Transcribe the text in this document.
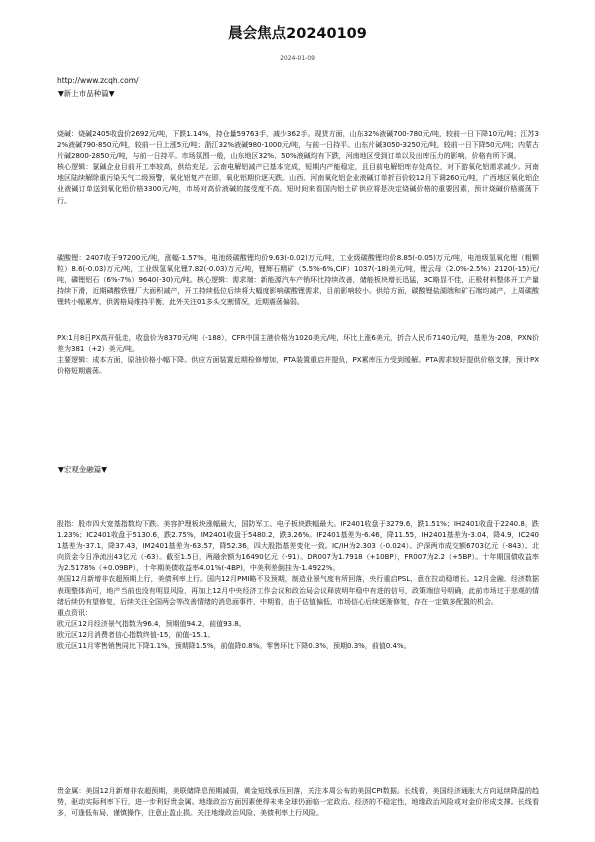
晨会焦点20240109
2024-01-09
http://www.zcqh.com/
▼新上市品种篇▼

烧碱：烧碱2405收盘价2692元/吨，下跌1.14%，持仓量59763手，减少362手。现货方面，山东32%液碱700-780元/吨，较前一日下降10元/吨；江苏32%液碱790-850元/吨，较前一日上涨5元/吨；浙江32%液碱980-1000元/吨，与前一日持平。山东片碱3050-3250元/吨，较前一日下降50元/吨；内蒙古片碱2800-2850元/吨，与前一日持平。市场氛围一般，山东地区32%、50%液碱均有下跌，河南地区受到订单以及出库压力的影响，价格有所下调。

核心逻辑：氯碱企业目前开工率较高，供给充足。云南电解铝减产已基本完成，短期内产能稳定，且目前电解铝库存处高位，对下游氧化铝需求减少。河南地区陆续解除重污染天气二级预警，氧化铝复产在即，氧化铝期价逐天跌。山西、河南氧化铝企业液碱订单折百价较12月下调260元/吨，广西地区氧化铝企业液碱订单送到氧化铝价格3300元/吨，市场对高价液碱的接受度不高。短时间来看国内铝土矿供应将是决定烧碱价格的重要因素，预计烧碱价格震荡下行。

碳酸锂：2407收于97200元/吨，涨幅-1.57%，电池级碳酸锂均价9.63(-0.02)万元/吨，工业级碳酸锂均价8.85(-0.05)万元/吨，电池级氢氧化锂（粗颗粒）8.6(-0.03)万元/吨，工业级氢氧化锂7.82(-0.03)万元/吨，锂辉石精矿（5.5%-6%,CIF）1037(-18)美元/吨，锂云母（2.0%-2.5%）2120(-15)元/吨，磷锂铝石（6%-7%）9640(-30)元/吨。核心逻辑：需求端：新能源汽车产销环比持续改善，储能板块增长迅猛，3C略显不佳，正极材料整体开工产量持续下滑，近期磷酸铁锂厂大面积减产，开工持续低位后续将大幅度影响碳酸锂需求，目前影响较小。供给方面，碳酸锂盐湖端和矿石端均减产，上周碳酸锂转小幅累库，供需格局维持平衡，此外关注01多头交割情况，近期震荡偏弱。

PX:1月8日PX高开低走，收盘价为8370元/吨（-188），CFR中国主港价格为1020美元/吨，环比上涨6美元，折合人民币7140元/吨，基差为-208，PXN价差为381（+2）美元/吨。

主要逻辑：成本方面，原油价格小幅下降。供应方面装置近期检修增加，PTA装置重启并提负，PX累库压力受到缓解。PTA需求较好提供价格支撑，预计PX价格短期震荡。

▼宏观金融篇▼

股指：股市四大宽基指数均下跌。美容护理板块涨幅最大，国防军工、电子板块跌幅最大。IF2401收盘于3279.6，跌1.51%；IH2401收盘于2240.8，跌1.23%；IC2401收盘于5130.6，跌2.75%，IM2401收盘于5480.2，跌3.26%。IF2401基差为-6.46，降11.55，IH2401基差为-3.04，降4.9，IC2401基差为-37.1，降37.43，IM2401基差为-63.57，降52.36，四大股指基差变化一致。IC/IH为2.303（-0.024）。沪深两市成交额6703亿元（-843）。北向资金今日净流出43亿元（-63）。截至1.5日，两融余额为16490亿元（-91）。DR007为1.7918（+10BP），FR007为2.2（+5BP）。十年期国债收益率为2.5178%（+0.09BP），十年期美债收益率4.01%(-4BP)，中美利差倒挂为-1.4922%。

美国12月新增非农超预期上行，美债利率上行。国内12月PMI略不及预期，制造业景气度有所回落，央行重启PSL，意在拉动稳增长。12月金融、经济数据表现整体尚可，地产当前也没有明显风险，再加上12月中央经济工作会议和政治局会议释放明年稳中有进的信号，政策端信号明确，此前市场过于悲观的情绪后续仍有望修复，后续关注全国两会等改善情绪的消息面事件，中期看，由于估值偏低，市场信心后续逐渐修复，存在一定做多配置的机会。

重点资讯：

欧元区12月经济景气指数为96.4，预期值94.2，前值93.8。

欧元区12月消费者信心指数终值-15，前值-15.1。

欧元区11月零售销售同比下降1.1%，预期降1.5%，前值降0.8%。零售环比下降0.3%，预期0.3%，前值0.4%。

贵金属：美国12月新增非农超预期，美联储降息预期减弱，黄金短线承压回落，关注本周公布的美国CPI数据。长线看，美国经济通胀大方向延续降温的趋势，驱动实际利率下行，进一步利好贵金属。地缘政治方面因素使得未来全球仍面临一定政治、经济的不稳定性，地缘政治风险或对金价形成支撑。长线看多，可逢低布局，谨慎操作，注意止盈止损。关注地缘政治风险、美债利率上行风险。
